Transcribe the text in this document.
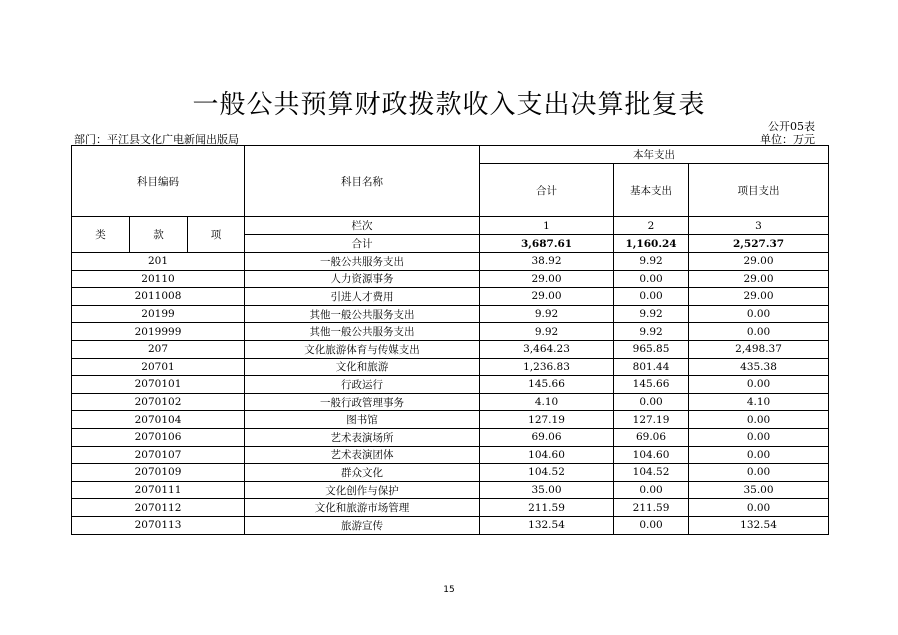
一般公共预算财政拨款收入支出决算批复表
公开05表
部门：平江县文化广电新闻出版局	单位：万元
科目编码			科目名称	本年支出		
				合计	基本支出	项目支出
类	款	项	栏次	1	2	3
			合计	3,687.61	1,160.24	2,527.37
201			一般公共服务支出	38.92	9.92	29.00
20110			人力资源事务	29.00	0.00	29.00
2011008			引进人才费用	29.00	0.00	29.00
20199			其他一般公共服务支出	9.92	9.92	0.00
2019999			其他一般公共服务支出	9.92	9.92	0.00
207			文化旅游体育与传媒支出	3,464.23	965.85	2,498.37
20701			文化和旅游	1,236.83	801.44	435.38
2070101			行政运行	145.66	145.66	0.00
2070102			一般行政管理事务	4.10	0.00	4.10
2070104			图书馆	127.19	127.19	0.00
2070106			艺术表演场所	69.06	69.06	0.00
2070107			艺术表演团体	104.60	104.60	0.00
2070109			群众文化	104.52	104.52	0.00
2070111			文化创作与保护	35.00	0.00	35.00
2070112			文化和旅游市场管理	211.59	211.59	0.00
2070113			旅游宣传	132.54	0.00	132.54
15
